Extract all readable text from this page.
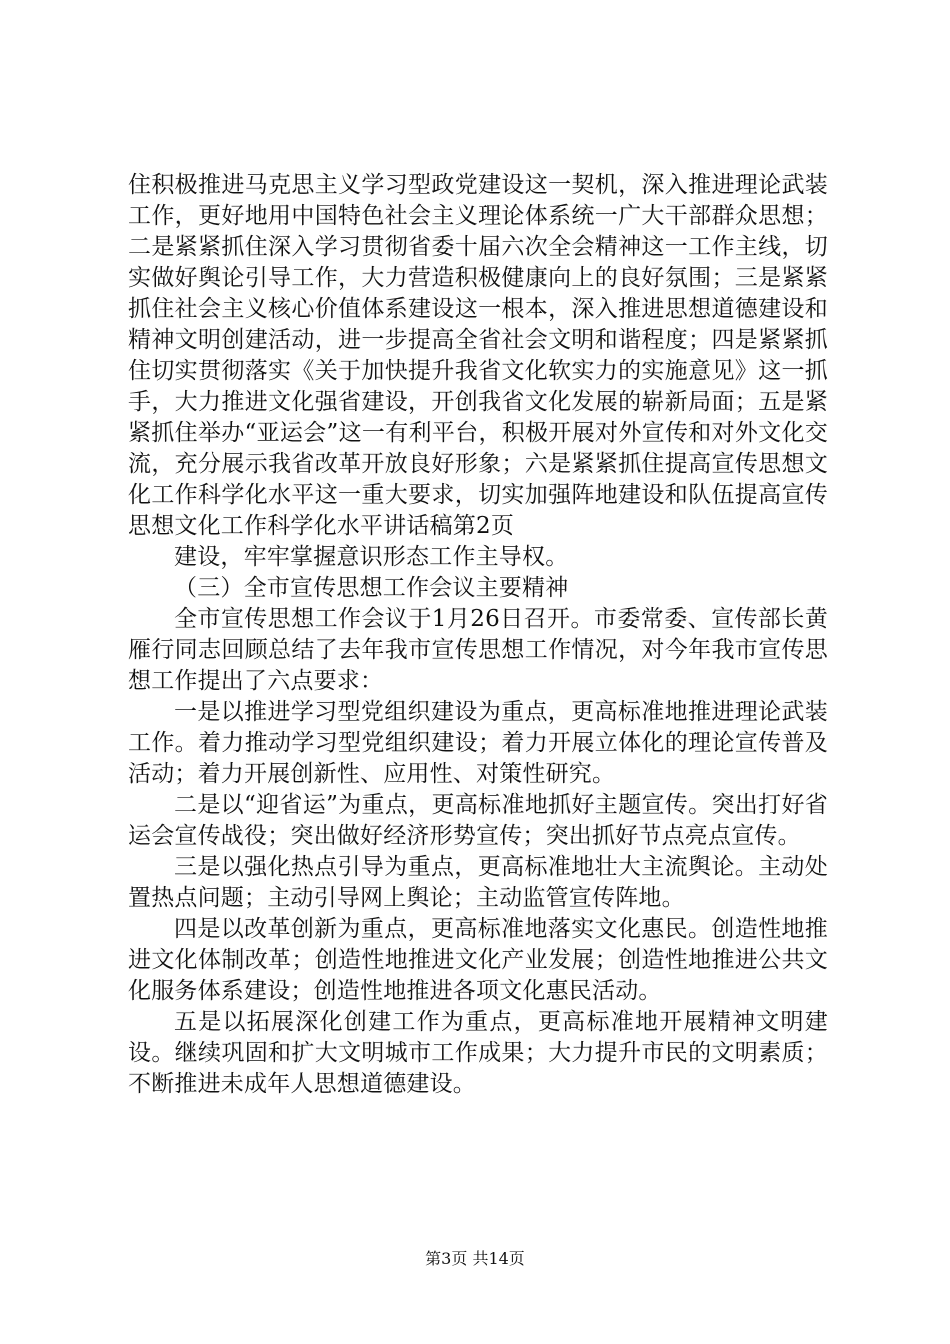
住积极推进马克思主义学习型政党建设这一契机，深入推进理论武装工作，更好地用中国特色社会主义理论体系统一广大干部群众思想；二是紧紧抓住深入学习贯彻省委十届六次全会精神这一工作主线，切实做好舆论引导工作，大力营造积极健康向上的良好氛围；三是紧紧抓住社会主义核心价值体系建设这一根本，深入推进思想道德建设和精神文明创建活动，进一步提高全省社会文明和谐程度；四是紧紧抓住切实贯彻落实《关于加快提升我省文化软实力的实施意见》这一抓手，大力推进文化强省建设，开创我省文化发展的崭新局面；五是紧紧抓住举办“亚运会”这一有利平台，积极开展对外宣传和对外文化交流，充分展示我省改革开放良好形象；六是紧紧抓住提高宣传思想文化工作科学化水平这一重大要求，切实加强阵地建设和队伍提高宣传思想文化工作科学化水平讲话稿第2页

建设，牢牢掌握意识形态工作主导权。

（三）全市宣传思想工作会议主要精神

全市宣传思想工作会议于1月26日召开。市委常委、宣传部长黄雁行同志回顾总结了去年我市宣传思想工作情况，对今年我市宣传思想工作提出了六点要求：

一是以推进学习型党组织建设为重点，更高标准地推进理论武装工作。着力推动学习型党组织建设；着力开展立体化的理论宣传普及活动；着力开展创新性、应用性、对策性研究。

二是以“迎省运”为重点，更高标准地抓好主题宣传。突出打好省运会宣传战役；突出做好经济形势宣传；突出抓好节点亮点宣传。

三是以强化热点引导为重点，更高标准地壮大主流舆论。主动处置热点问题；主动引导网上舆论；主动监管宣传阵地。

四是以改革创新为重点，更高标准地落实文化惠民。创造性地推进文化体制改革；创造性地推进文化产业发展；创造性地推进公共文化服务体系建设；创造性地推进各项文化惠民活动。

五是以拓展深化创建工作为重点，更高标准地开展精神文明建设。继续巩固和扩大文明城市工作成果；大力提升市民的文明素质；不断推进未成年人思想道德建设。

第3页 共14页
